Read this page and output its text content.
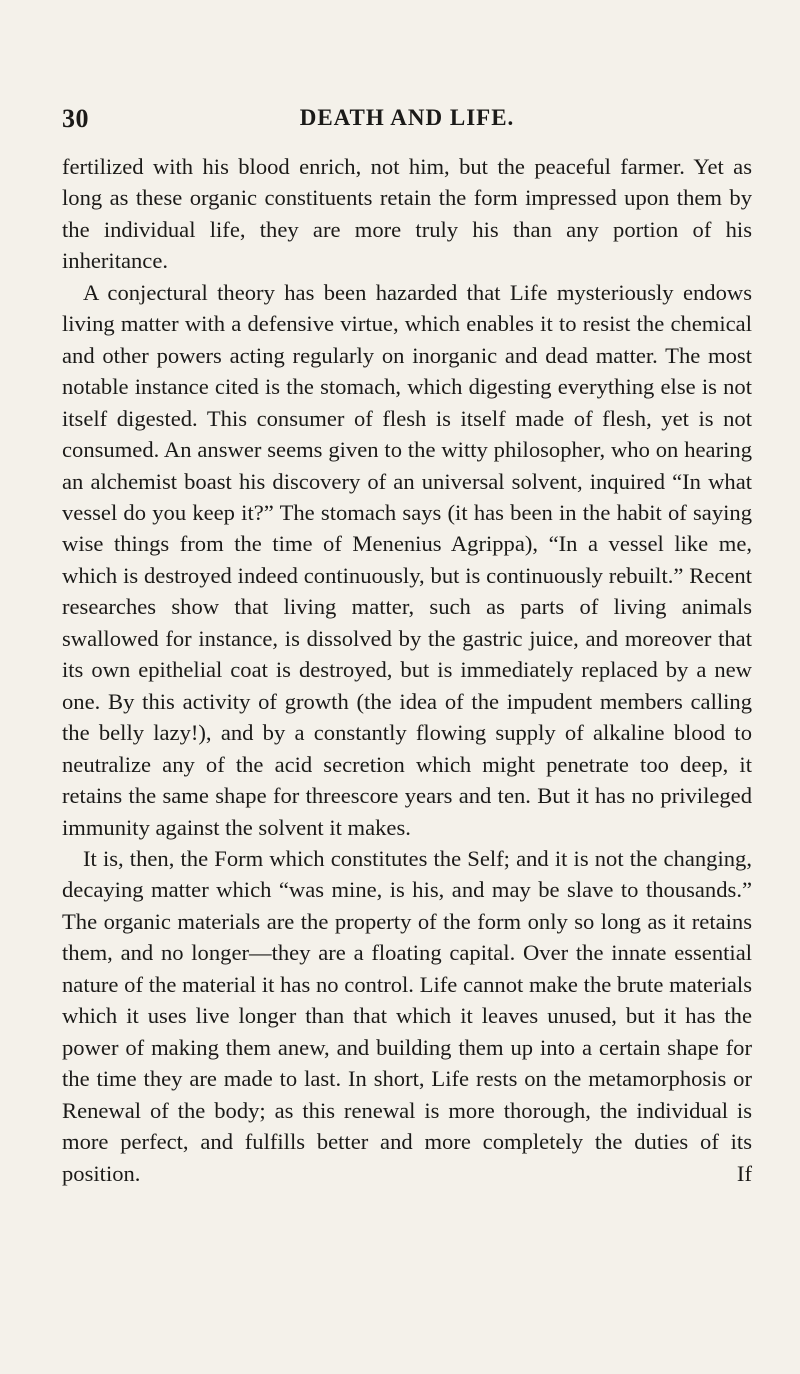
30	DEATH AND LIFE.

fertilized with his blood enrich, not him, but the peaceful farmer. Yet as long as these organic constituents retain the form impressed upon them by the individual life, they are more truly his than any portion of his inheritance.

A conjectural theory has been hazarded that Life mysteriously endows living matter with a defensive virtue, which enables it to resist the chemical and other powers acting regularly on inorganic and dead matter. The most notable instance cited is the stomach, which digesting everything else is not itself digested. This consumer of flesh is itself made of flesh, yet is not consumed. An answer seems given to the witty philosopher, who on hearing an alchemist boast his discovery of an universal solvent, inquired “In what vessel do you keep it?” The stomach says (it has been in the habit of saying wise things from the time of Menenius Agrippa), “In a vessel like me, which is destroyed indeed continuously, but is continuously rebuilt.” Recent researches show that living matter, such as parts of living animals swallowed for instance, is dissolved by the gastric juice, and moreover that its own epithelial coat is destroyed, but is immediately replaced by a new one. By this activity of growth (the idea of the impudent members calling the belly lazy!), and by a constantly flowing supply of alkaline blood to neutralize any of the acid secretion which might penetrate too deep, it retains the same shape for threescore years and ten. But it has no privileged immunity against the solvent it makes.

It is, then, the Form which constitutes the Self; and it is not the changing, decaying matter which “was mine, is his, and may be slave to thousands.” The organic materials are the property of the form only so long as it retains them, and no longer—they are a floating capital. Over the innate essential nature of the material it has no control. Life cannot make the brute materials which it uses live longer than that which it leaves unused, but it has the power of making them anew, and building them up into a certain shape for the time they are made to last. In short, Life rests on the metamorphosis or Renewal of the body; as this renewal is more thorough, the individual is more perfect, and fulfills better and more completely the duties of its position. If
